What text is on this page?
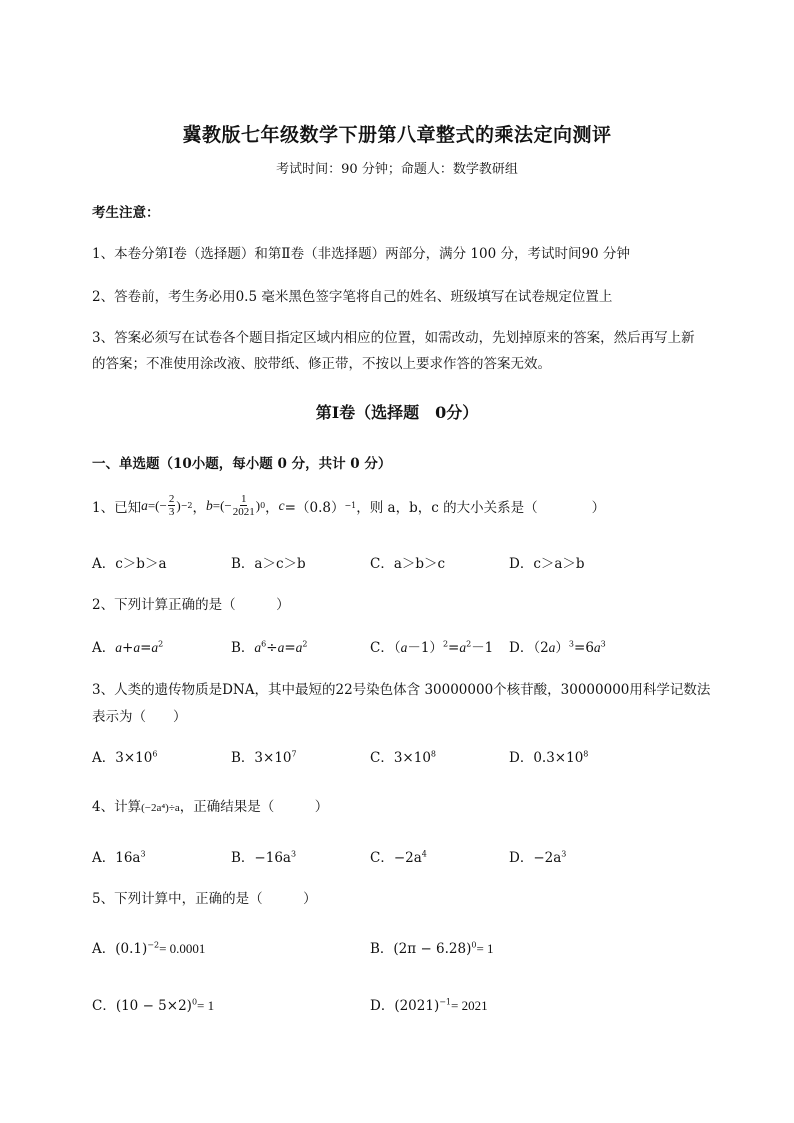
冀教版七年级数学下册第八章整式的乘法定向测评
考试时间：90 分钟；命题人：数学教研组
考生注意：
1、本卷分第Ⅰ卷（选择题）和第Ⅱ卷（非选择题）两部分，满分 100 分，考试时间90 分钟
2、答卷前，考生务必用0.5 毫米黑色签字笔将自己的姓名、班级填写在试卷规定位置上
3、答案必须写在试卷各个题目指定区域内相应的位置，如需改动，先划掉原来的答案，然后再写上新
的答案；不准使用涂改液、胶带纸、修正带，不按以上要求作答的答案无效。
第Ⅰ卷（选择题　0分）
一、单选题（10小题，每小题 0 分，共计 0 分）
1、已知 a =(− $\frac{2}{3}$ ) −2 ， b =(− $\frac{1}{2021}$ ) 0 ， c =（0.8） −1 ，则 a，b，c 的大小关系是（　　　　）
A．c＞b＞a	B．a＞c＞b	C．a＞b＞c	D．c＞a＞b
2、下列计算正确的是（　　　）
A．$a+a=a^2$	B．$a^6\div a=a^2$	C．$(a-1)^2=a^2-1$ D．$(2a)^3=6a^3$
3、人类的遗传物质是DNA，其中最短的22号染色体含 30000000个核苷酸，30000000用科学记数法
表示为（　　）
A．$3\times 10^6$	B．$3\times 10^7$	C．$3\times 10^8$	D．$0.3\times 10^8$
4、计算(−2a⁴)÷a，正确结果是（　　　）
A．$16a^3$	B．$-16a^3$	C．$-2a^4$	D．$-2a^3$
5、下列计算中，正确的是（　　　）
A．$(0.1)^{-2}= 0.0001$	B．$(2\pi - 6.28)^0= 1$
C．$(10 - 5\times 2)^0= 1$	D．$(2021)^{-1}= 2021$
